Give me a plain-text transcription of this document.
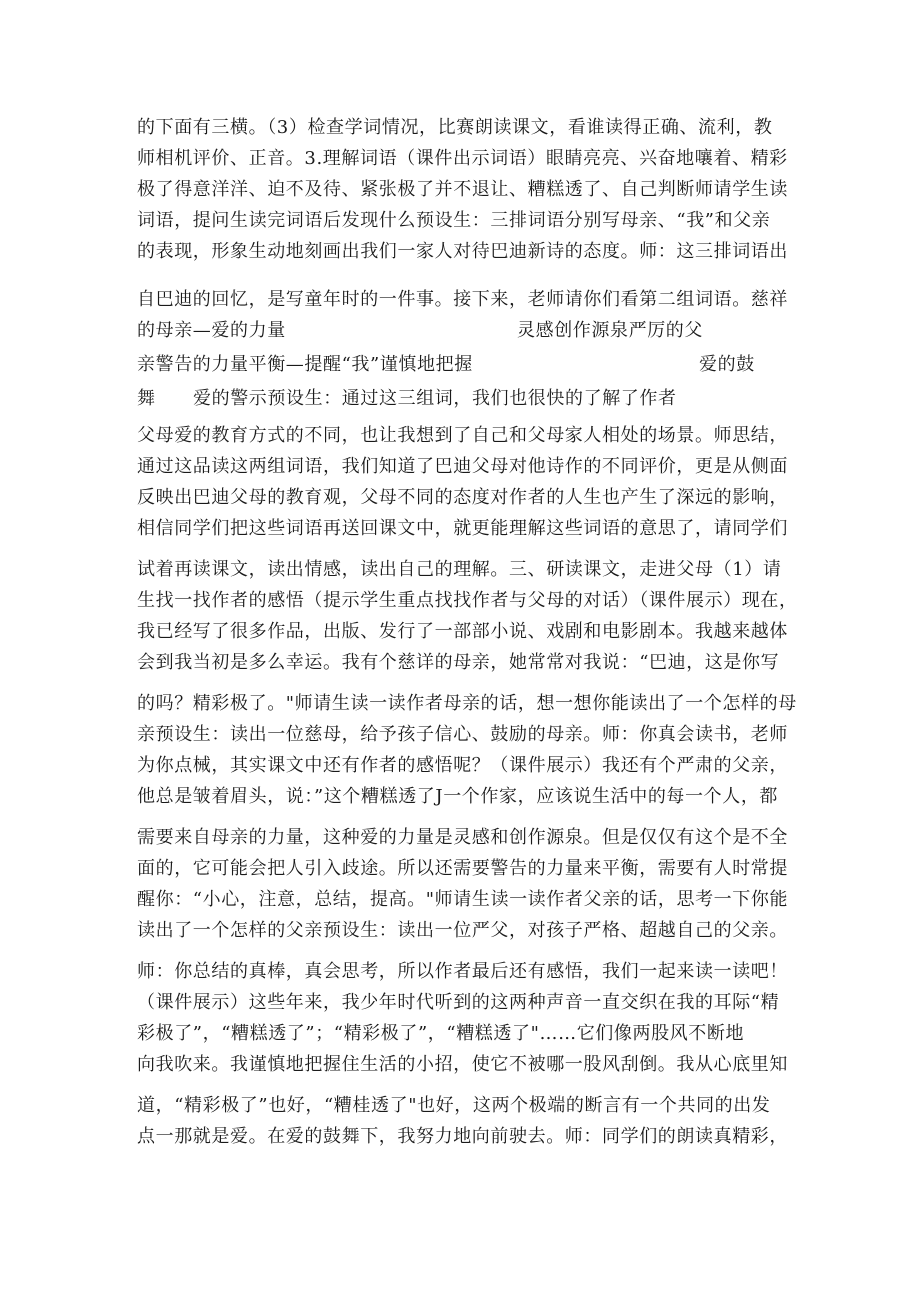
的下面有三横。（3）检查学词情况，比赛朗读课文，看谁读得正确、流利，教
师相机评价、正音。3.理解词语（课件出示词语）眼睛亮亮、兴奋地嚷着、精彩
极了得意洋洋、迫不及待、紧张极了并不退让、糟糕透了、自己判断师请学生读
词语，提问生读完词语后发现什么预设生：三排词语分别写母亲、“我”和父亲
的表现，形象生动地刻画出我们一家人对待巴迪新诗的态度。师：这三排词语出
自巴迪的回忆，是写童年时的一件事。接下来，老师请你们看第二组词语。慈祥
的母亲—爱的力量	灵感创作源泉严厉的父
亲警告的力量平衡—提醒“我”谨慎地把握	爱的鼓
舞 爱的警示预设生：通过这三组词，我们也很快的了解了作者
父母爱的教育方式的不同，也让我想到了自己和父母家人相处的场景。师思结，
通过这品读这两组词语，我们知道了巴迪父母对他诗作的不同评价，更是从侧面
反映出巴迪父母的教育观，父母不同的态度对作者的人生也产生了深远的影响，
相信同学们把这些词语再送回课文中，就更能理解这些词语的意思了，请同学们
试着再读课文，读出情感，读出自己的理解。三、研读课文，走进父母（1）请
生找一找作者的感悟（提示学生重点找找作者与父母的对话）（课件展示）现在，
我已经写了很多作品，出版、发行了一部部小说、戏剧和电影剧本。我越来越体
会到我当初是多么幸运。我有个慈详的母亲，她常常对我说：“巴迪，这是你写
的吗？精彩极了。"师请生读一读作者母亲的话，想一想你能读出了一个怎样的母
亲预设生：读出一位慈母，给予孩子信心、鼓励的母亲。师：你真会读书，老师
为你点械，其实课文中还有作者的感悟呢？（课件展示）我还有个严肃的父亲，
他总是皱着眉头，说：”这个糟糕透了J一个作家，应该说生活中的每一个人，都
需要来自母亲的力量，这种爱的力量是灵感和创作源泉。但是仅仅有这个是不全
面的，它可能会把人引入歧途。所以还需要警告的力量来平衡，需要有人时常提
醒你：“小心，注意，总结，提高。"师请生读一读作者父亲的话，思考一下你能
读出了一个怎样的父亲预设生：读出一位严父，对孩子严格、超越自己的父亲。
师：你总结的真棒，真会思考，所以作者最后还有感悟，我们一起来读一读吧！
（课件展示）这些年来，我少年时代听到的这两种声音一直交织在我的耳际“精
彩极了”，“糟糕透了”；“精彩极了”，“糟糕透了"……它们像两股风不断地
向我吹来。我谨慎地把握住生活的小招，使它不被哪一股风刮倒。我从心底里知
道，“精彩极了”也好，“糟桂透了"也好，这两个极端的断言有一个共同的出发
点一那就是爱。在爱的鼓舞下，我努力地向前驶去。师：同学们的朗读真精彩，
